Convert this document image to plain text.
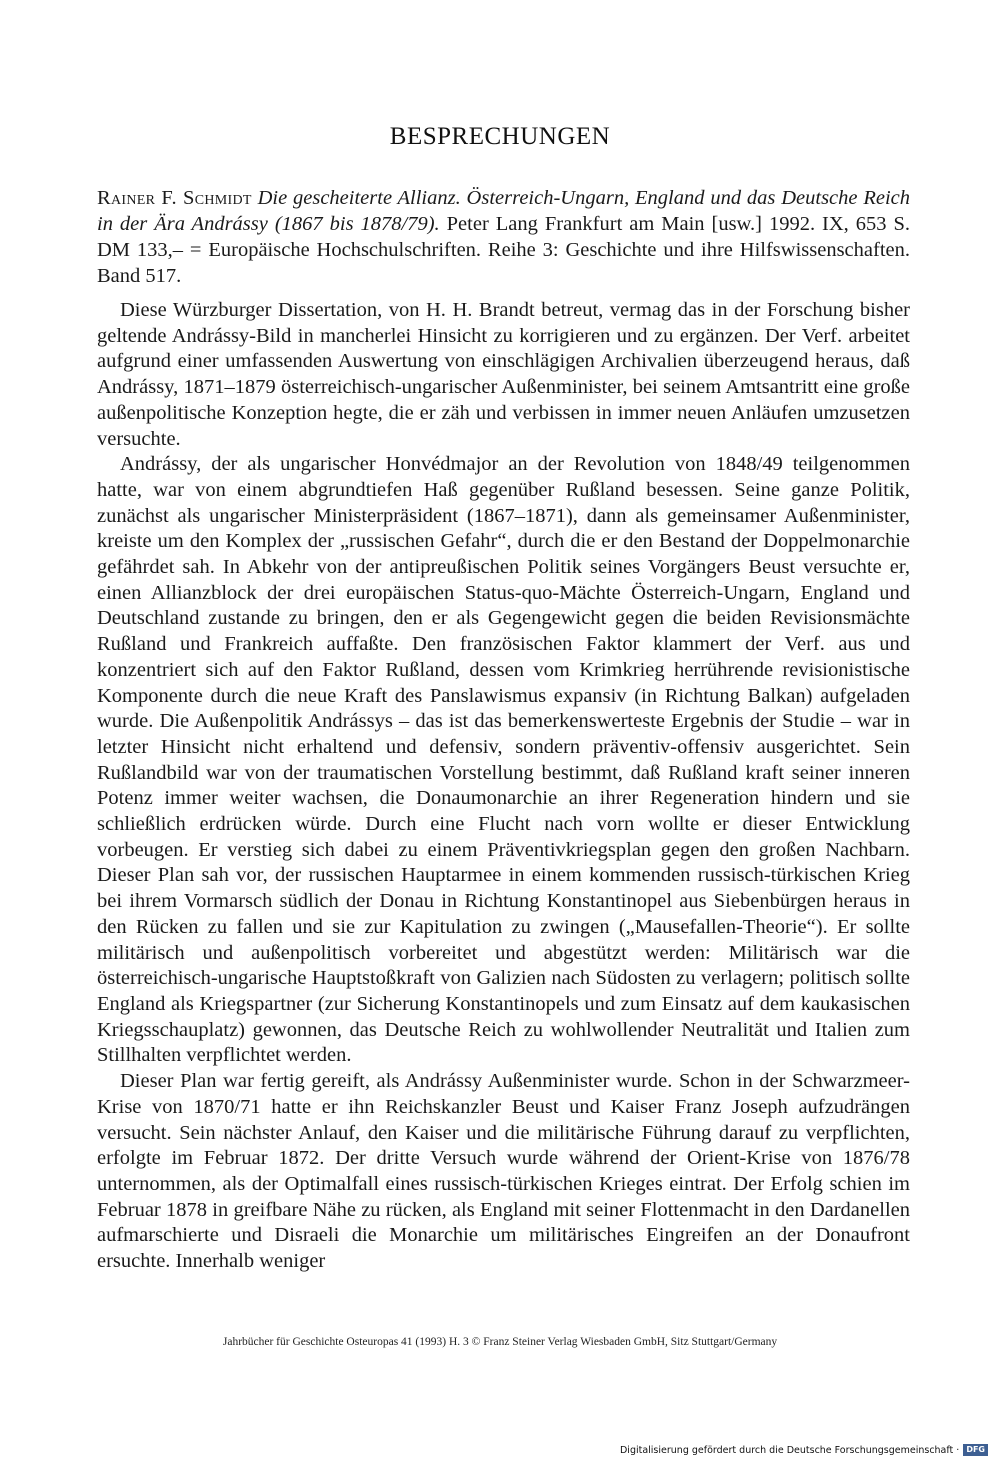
BESPRECHUNGEN

Rainer F. Schmidt Die gescheiterte Allianz. Österreich-Ungarn, England und das Deutsche Reich in der Ära Andrássy (1867 bis 1878/79). Peter Lang Frankfurt am Main [usw.] 1992. IX, 653 S. DM 133,– = Europäische Hochschulschriften. Reihe 3: Geschichte und ihre Hilfswissenschaften. Band 517.

Diese Würzburger Dissertation, von H. H. Brandt betreut, vermag das in der Forschung bisher geltende Andrássy-Bild in mancherlei Hinsicht zu korrigieren und zu ergänzen. Der Verf. arbeitet aufgrund einer umfassenden Auswertung von einschlägigen Archivalien überzeugend heraus, daß Andrássy, 1871–1879 österreichisch-ungarischer Außenminister, bei seinem Amtsantritt eine große außenpolitische Konzeption hegte, die er zäh und verbissen in immer neuen Anläufen umzusetzen versuchte.

Andrássy, der als ungarischer Honvédmajor an der Revolution von 1848/49 teilgenommen hatte, war von einem abgrundtiefen Haß gegenüber Rußland besessen. Seine ganze Politik, zunächst als ungarischer Ministerpräsident (1867–1871), dann als gemeinsamer Außenminister, kreiste um den Komplex der „russischen Gefahr“, durch die er den Bestand der Doppelmonarchie gefährdet sah. In Abkehr von der antipreußischen Politik seines Vorgängers Beust versuchte er, einen Allianzblock der drei europäischen Status-quo-Mächte Österreich-Ungarn, England und Deutschland zustande zu bringen, den er als Gegengewicht gegen die beiden Revisionsmächte Rußland und Frankreich auffaßte. Den französischen Faktor klammert der Verf. aus und konzentriert sich auf den Faktor Rußland, dessen vom Krimkrieg herrührende revisionistische Komponente durch die neue Kraft des Panslawismus expansiv (in Richtung Balkan) aufgeladen wurde. Die Außenpolitik Andrássys – das ist das bemerkenswerteste Ergebnis der Studie – war in letzter Hinsicht nicht erhaltend und defensiv, sondern präventiv-offensiv ausgerichtet. Sein Rußlandbild war von der traumatischen Vorstellung bestimmt, daß Rußland kraft seiner inneren Potenz immer weiter wachsen, die Donaumonarchie an ihrer Regeneration hindern und sie schließlich erdrücken würde. Durch eine Flucht nach vorn wollte er dieser Entwicklung vorbeugen. Er verstieg sich dabei zu einem Präventivkriegsplan gegen den großen Nachbarn. Dieser Plan sah vor, der russischen Hauptarmee in einem kommenden russisch-türkischen Krieg bei ihrem Vormarsch südlich der Donau in Richtung Konstantinopel aus Siebenbürgen heraus in den Rücken zu fallen und sie zur Kapitulation zu zwingen („Mausefallen-Theorie“). Er sollte militärisch und außenpolitisch vorbereitet und abgestützt werden: Militärisch war die österreichisch-ungarische Hauptstoßkraft von Galizien nach Südosten zu verlagern; politisch sollte England als Kriegspartner (zur Sicherung Konstantinopels und zum Einsatz auf dem kaukasischen Kriegsschauplatz) gewonnen, das Deutsche Reich zu wohlwollender Neutralität und Italien zum Stillhalten verpflichtet werden.

Dieser Plan war fertig gereift, als Andrássy Außenminister wurde. Schon in der Schwarzmeer-Krise von 1870/71 hatte er ihn Reichskanzler Beust und Kaiser Franz Joseph aufzudrängen versucht. Sein nächster Anlauf, den Kaiser und die militärische Führung darauf zu verpflichten, erfolgte im Februar 1872. Der dritte Versuch wurde während der Orient-Krise von 1876/78 unternommen, als der Optimalfall eines russisch-türkischen Krieges eintrat. Der Erfolg schien im Februar 1878 in greifbare Nähe zu rücken, als England mit seiner Flottenmacht in den Dardanellen aufmarschierte und Disraeli die Monarchie um militärisches Eingreifen an der Donaufront ersuchte. Innerhalb weniger

Jahrbücher für Geschichte Osteuropas 41 (1993) H. 3 © Franz Steiner Verlag Wiesbaden GmbH, Sitz Stuttgart/Germany

Digitalisierung gefördert durch die Deutsche Forschungsgemeinschaft · DFG
